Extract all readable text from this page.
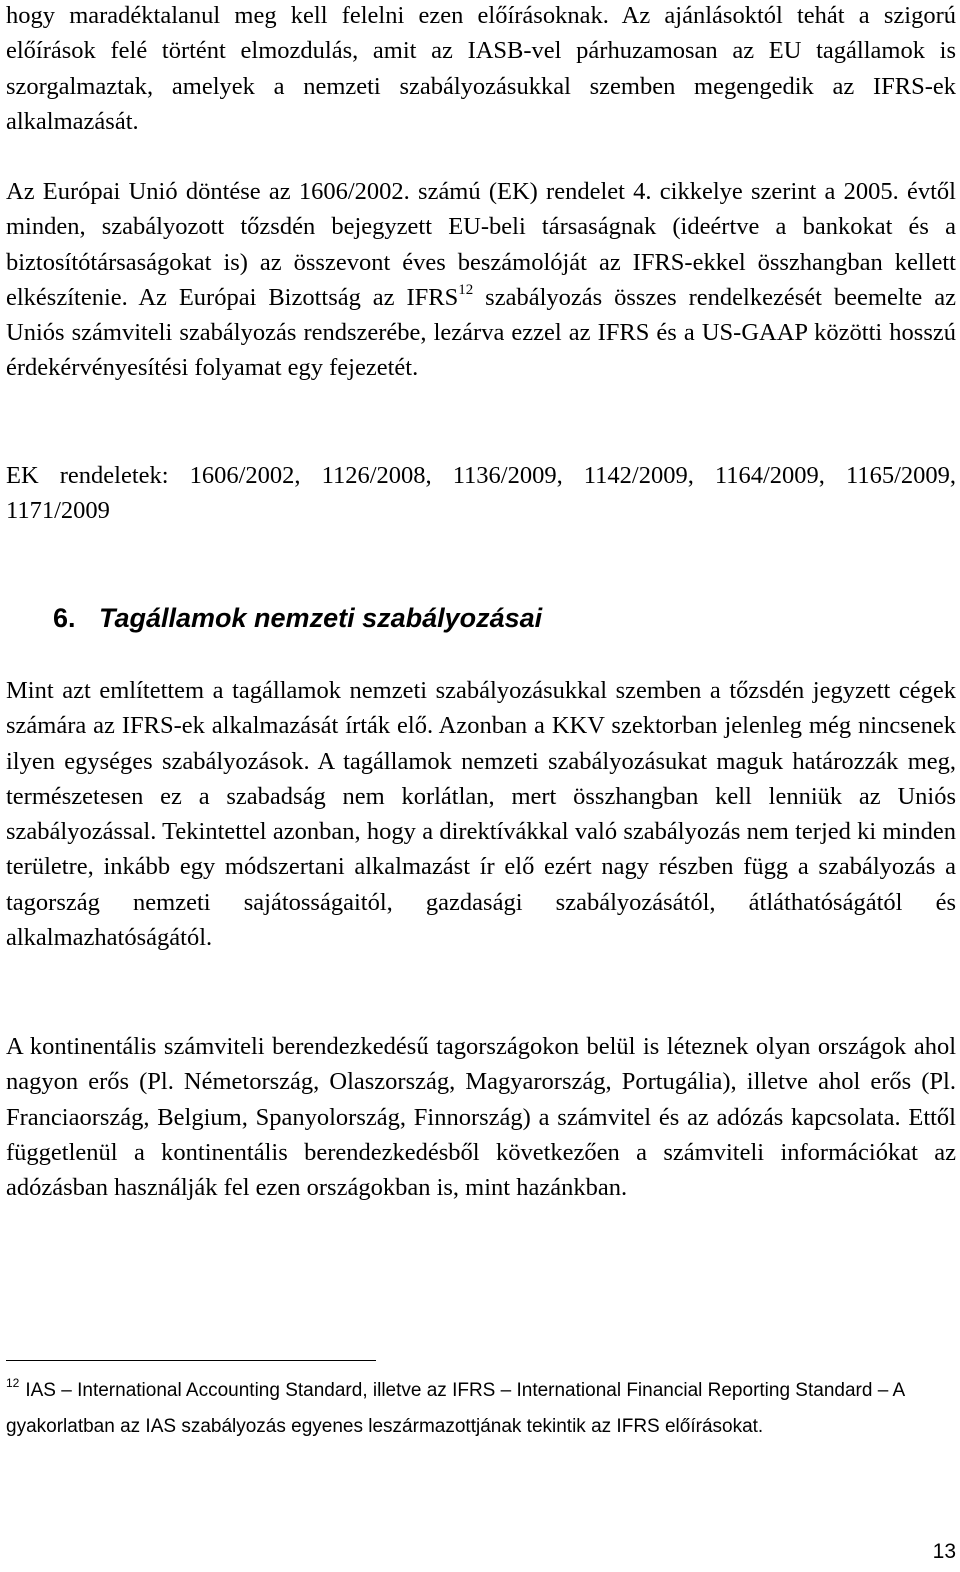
hogy maradéktalanul meg kell felelni ezen előírásoknak. Az ajánlásoktól tehát a szigorú előírások felé történt elmozdulás, amit az IASB-vel párhuzamosan az EU tagállamok is szorgalmaztak, amelyek a nemzeti szabályozásukkal szemben megengedik az IFRS-ek alkalmazását.

Az Európai Unió döntése az 1606/2002. számú (EK) rendelet 4. cikkelye szerint a 2005. évtől minden, szabályozott tőzsdén bejegyzett EU-beli társaságnak (ideértve a bankokat és a biztosítótársaságokat is) az összevont éves beszámolóját az IFRS-ekkel összhangban kellett elkészítenie. Az Európai Bizottság az IFRS$^{12}$ szabályozás összes rendelkezését beemelte az Uniós számviteli szabályozás rendszerébe, lezárva ezzel az IFRS és a US-GAAP közötti hosszú érdekérvényesítési folyamat egy fejezetét.

EK rendeletek: 1606/2002, 1126/2008, 1136/2009, 1142/2009, 1164/2009, 1165/2009, 1171/2009

6. Tagállamok nemzeti szabályozásai

Mint azt említettem a tagállamok nemzeti szabályozásukkal szemben a tőzsdén jegyzett cégek számára az IFRS-ek alkalmazását írták elő. Azonban a KKV szektorban jelenleg még nincsenek ilyen egységes szabályozások. A tagállamok nemzeti szabályozásukat maguk határozzák meg, természetesen ez a szabadság nem korlátlan, mert összhangban kell lenniük az Uniós szabályozással. Tekintettel azonban, hogy a direktívákkal való szabályozás nem terjed ki minden területre, inkább egy módszertani alkalmazást ír elő ezért nagy részben függ a szabályozás a tagország nemzeti sajátosságaitól, gazdasági szabályozásától, átláthatóságától és alkalmazhatóságától.

A kontinentális számviteli berendezkedésű tagországokon belül is léteznek olyan országok ahol nagyon erős (Pl. Németország, Olaszország, Magyarország, Portugália), illetve ahol erős (Pl. Franciaország, Belgium, Spanyolország, Finnország) a számvitel és az adózás kapcsolata. Ettől függetlenül a kontinentális berendezkedésből következően a számviteli információkat az adózásban használják fel ezen országokban is, mint hazánkban.

$^{12}$ IAS – International Accounting Standard, illetve az IFRS – International Financial Reporting Standard – A gyakorlatban az IAS szabályozás egyenes leszármazottjának tekintik az IFRS előírásokat.

13
